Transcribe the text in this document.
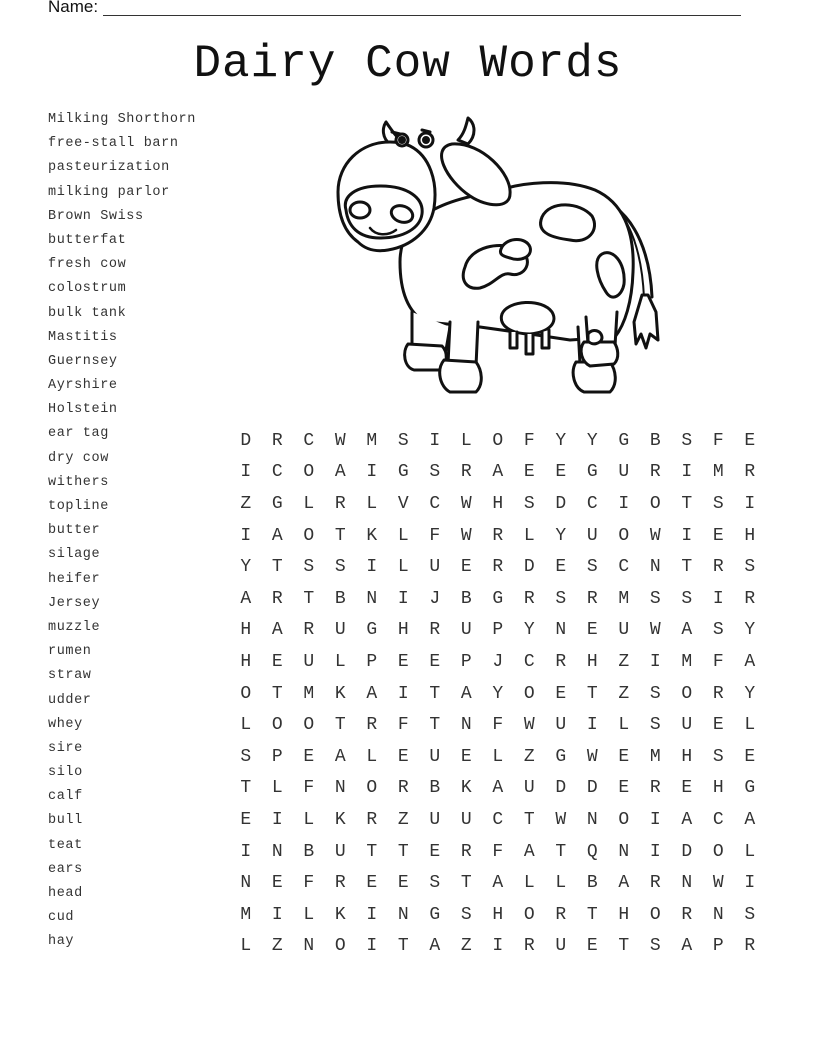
Name:
Dairy Cow Words
Milking Shorthorn
free-stall barn
pasteurization
milking parlor
Brown Swiss
butterfat
fresh cow
colostrum
bulk tank
Mastitis
Guernsey
Ayrshire
Holstein
ear tag
dry cow
withers
topline
butter
silage
heifer
Jersey
muzzle
rumen
straw
udder
whey
sire
silo
calf
bull
teat
ears
head
cud
hay
D	R	C	W	M	S	I	L	O	F	Y	Y	G	B	S	F	E
I	C	O	A	I	G	S	R	A	E	E	G	U	R	I	M	R
Z	G	L	R	L	V	C	W	H	S	D	C	I	O	T	S	I
I	A	O	T	K	L	F	W	R	L	Y	U	O	W	I	E	H
Y	T	S	S	I	L	U	E	R	D	E	S	C	N	T	R	S
A	R	T	B	N	I	J	B	G	R	S	R	M	S	S	I	R
H	A	R	U	G	H	R	U	P	Y	N	E	U	W	A	S	Y
H	E	U	L	P	E	E	P	J	C	R	H	Z	I	M	F	A
O	T	M	K	A	I	T	A	Y	O	E	T	Z	S	O	R	Y
L	O	O	T	R	F	T	N	F	W	U	I	L	S	U	E	L
S	P	E	A	L	E	U	E	L	Z	G	W	E	M	H	S	E
T	L	F	N	O	R	B	K	A	U	D	D	E	R	E	H	G
E	I	L	K	R	Z	U	U	C	T	W	N	O	I	A	C	A
I	N	B	U	T	T	E	R	F	A	T	Q	N	I	D	O	L
N	E	F	R	E	E	S	T	A	L	L	B	A	R	N	W	I
M	I	L	K	I	N	G	S	H	O	R	T	H	O	R	N	S
L	Z	N	O	I	T	A	Z	I	R	U	E	T	S	A	P	R
